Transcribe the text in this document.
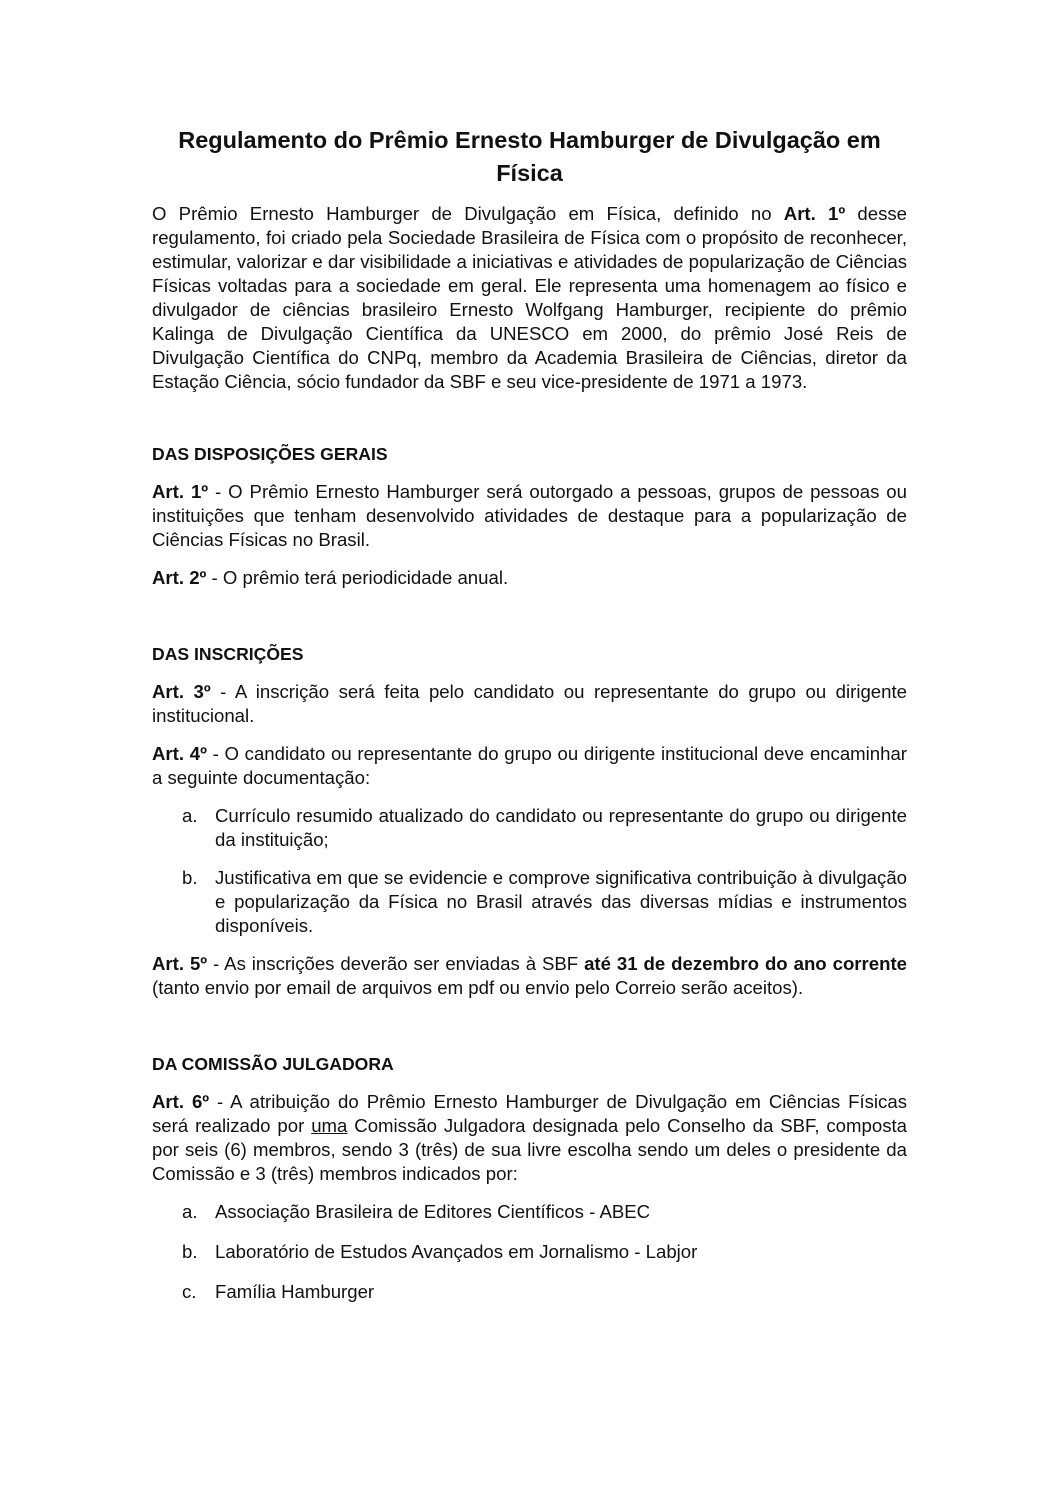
Regulamento do Prêmio Ernesto Hamburger de Divulgação em Física

O Prêmio Ernesto Hamburger de Divulgação em Física, definido no Art. 1º desse regulamento, foi criado pela Sociedade Brasileira de Física com o propósito de reconhecer, estimular, valorizar e dar visibilidade a iniciativas e atividades de popularização de Ciências Físicas voltadas para a sociedade em geral. Ele representa uma homenagem ao físico e divulgador de ciências brasileiro Ernesto Wolfgang Hamburger, recipiente do prêmio Kalinga de Divulgação Científica da UNESCO em 2000, do prêmio José Reis de Divulgação Científica do CNPq, membro da Academia Brasileira de Ciências, diretor da Estação Ciência, sócio fundador da SBF e seu vice-presidente de 1971 a 1973.

DAS DISPOSIÇÕES GERAIS

Art. 1º - O Prêmio Ernesto Hamburger será outorgado a pessoas, grupos de pessoas ou instituições que tenham desenvolvido atividades de destaque para a popularização de Ciências Físicas no Brasil.

Art. 2º - O prêmio terá periodicidade anual.

DAS INSCRIÇÕES

Art. 3º - A inscrição será feita pelo candidato ou representante do grupo ou dirigente institucional.

Art. 4º - O candidato ou representante do grupo ou dirigente institucional deve encaminhar a seguinte documentação:

a. Currículo resumido atualizado do candidato ou representante do grupo ou dirigente da instituição;
b. Justificativa em que se evidencie e comprove significativa contribuição à divulgação e popularização da Física no Brasil através das diversas mídias e instrumentos disponíveis.

Art. 5º - As inscrições deverão ser enviadas à SBF até 31 de dezembro do ano corrente (tanto envio por email de arquivos em pdf ou envio pelo Correio serão aceitos).

DA COMISSÃO JULGADORA

Art. 6º - A atribuição do Prêmio Ernesto Hamburger de Divulgação em Ciências Físicas será realizado por uma Comissão Julgadora designada pelo Conselho da SBF, composta por seis (6) membros, sendo 3 (três) de sua livre escolha sendo um deles o presidente da Comissão e 3 (três) membros indicados por:

a. Associação Brasileira de Editores Científicos - ABEC
b. Laboratório de Estudos Avançados em Jornalismo - Labjor
c. Família Hamburger
